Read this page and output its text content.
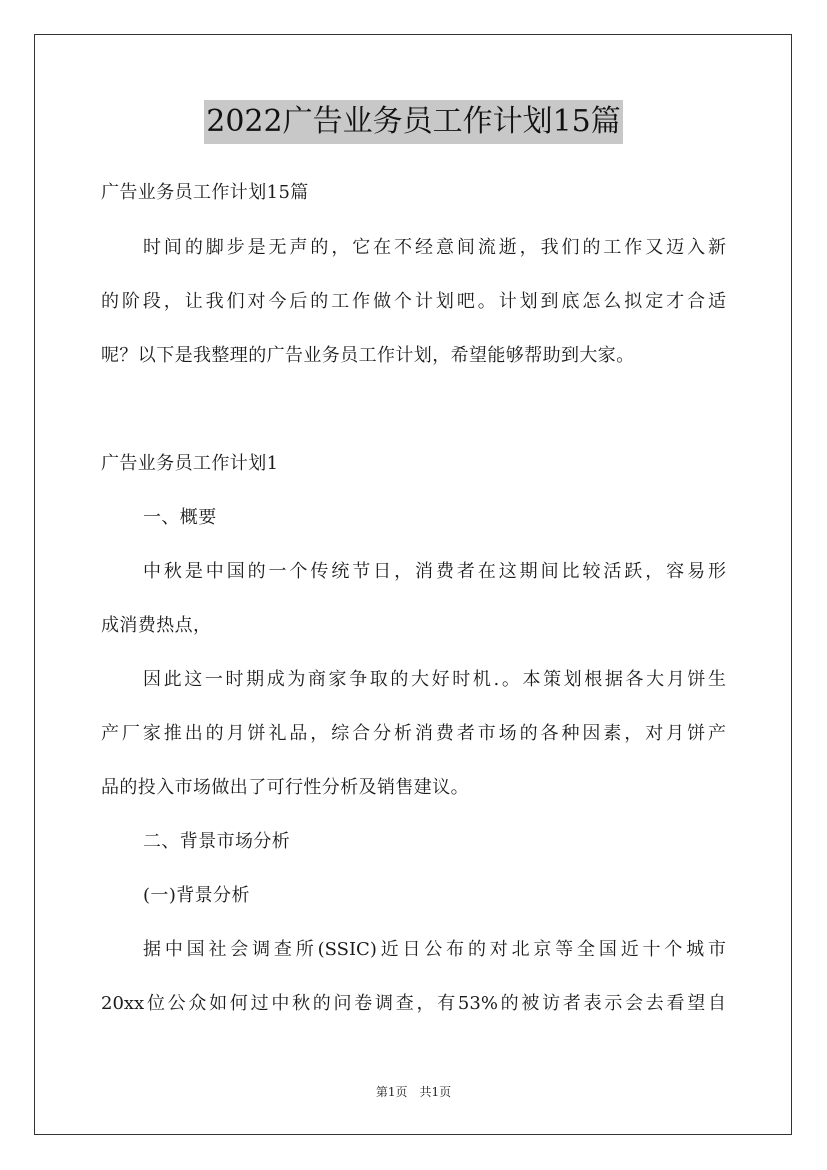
2022广告业务员工作计划15篇
广告业务员工作计划15篇
时间的脚步是无声的，它在不经意间流逝，我们的工作又迈入新
的阶段，让我们对今后的工作做个计划吧。计划到底怎么拟定才合适
呢？以下是我整理的广告业务员工作计划，希望能够帮助到大家。
广告业务员工作计划1
一、概要
中秋是中国的一个传统节日，消费者在这期间比较活跃，容易形
成消费热点，
因此这一时期成为商家争取的大好时机.。本策划根据各大月饼生
产厂家推出的月饼礼品，综合分析消费者市场的各种因素，对月饼产
品的投入市场做出了可行性分析及销售建议。
二、背景市场分析
(一)背景分析
据中国社会调查所(SSIC)近日公布的对北京等全国近十个城市
20xx位公众如何过中秋的问卷调查，有53%的被访者表示会去看望自
第1页　共1页
